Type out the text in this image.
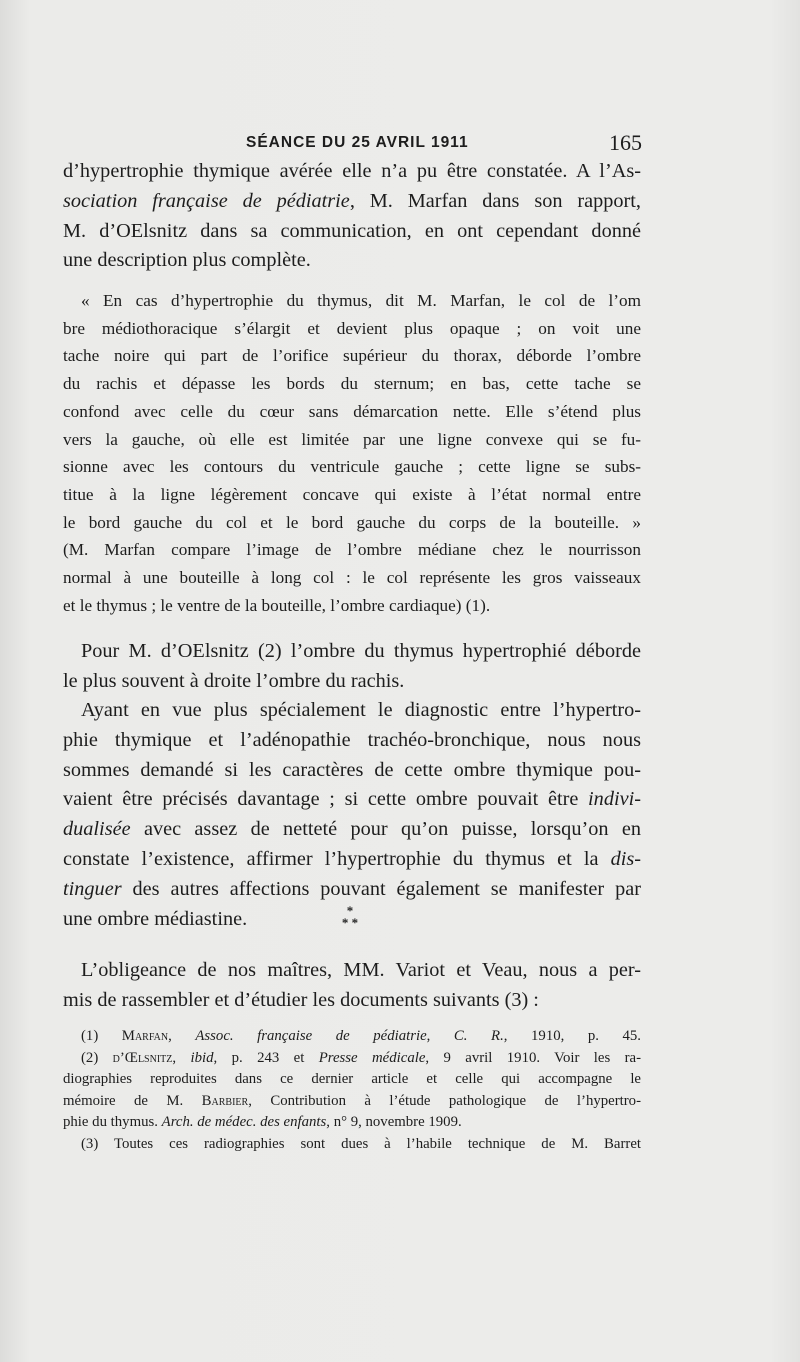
SÉANCE DU 25 AVRIL 1911	165

d’hypertrophie thymique avérée elle n’a pu être constatée. A l’As-

sociation française de pédiatrie, M. Marfan dans son rapport,

M. d’OElsnitz dans sa communication, en ont cependant donné

une description plus complète.

« En cas d’hypertrophie du thymus, dit M. Marfan, le col de l’om

bre médiothoracique s’élargit et devient plus opaque ; on voit une

tache noire qui part de l’orifice supérieur du thorax, déborde l’ombre

du rachis et dépasse les bords du sternum; en bas, cette tache se

confond avec celle du cœur sans démarcation nette. Elle s’étend plus

vers la gauche, où elle est limitée par une ligne convexe qui se fu-

sionne avec les contours du ventricule gauche ; cette ligne se subs-

titue à la ligne légèrement concave qui existe à l’état normal entre

le bord gauche du col et le bord gauche du corps de la bouteille. »

(M. Marfan compare l’image de l’ombre médiane chez le nourrisson

normal à une bouteille à long col : le col représente les gros vaisseaux

et le thymus ; le ventre de la bouteille, l’ombre cardiaque) (1).

Pour M. d’OElsnitz (2) l’ombre du thymus hypertrophié déborde

le plus souvent à droite l’ombre du rachis.

Ayant en vue plus spécialement le diagnostic entre l’hypertro-

phie thymique et l’adénopathie trachéo-bronchique, nous nous

sommes demandé si les caractères de cette ombre thymique pou-

vaient être précisés davantage ; si cette ombre pouvait être indivi-

dualisée avec assez de netteté pour qu’on puisse, lorsqu’on en

constate l’existence, affirmer l’hypertrophie du thymus et la dis-

tinguer des autres affections pouvant également se manifester par

une ombre médiastine.	*
* *

L’obligeance de nos maîtres, MM. Variot et Veau, nous a per-

mis de rassembler et d’étudier les documents suivants (3) :

(1) Marfan, Assoc. française de pédiatrie, C. R., 1910, p. 45.

(2) d’Œlsnitz, ibid, p. 243 et Presse médicale, 9 avril 1910. Voir les ra-

diographies reproduites dans ce dernier article et celle qui accompagne le

mémoire de M. Barbier, Contribution à l’étude pathologique de l’hypertro-

phie du thymus. Arch. de médec. des enfants, n° 9, novembre 1909.

(3) Toutes ces radiographies sont dues à l’habile technique de M. Barret
